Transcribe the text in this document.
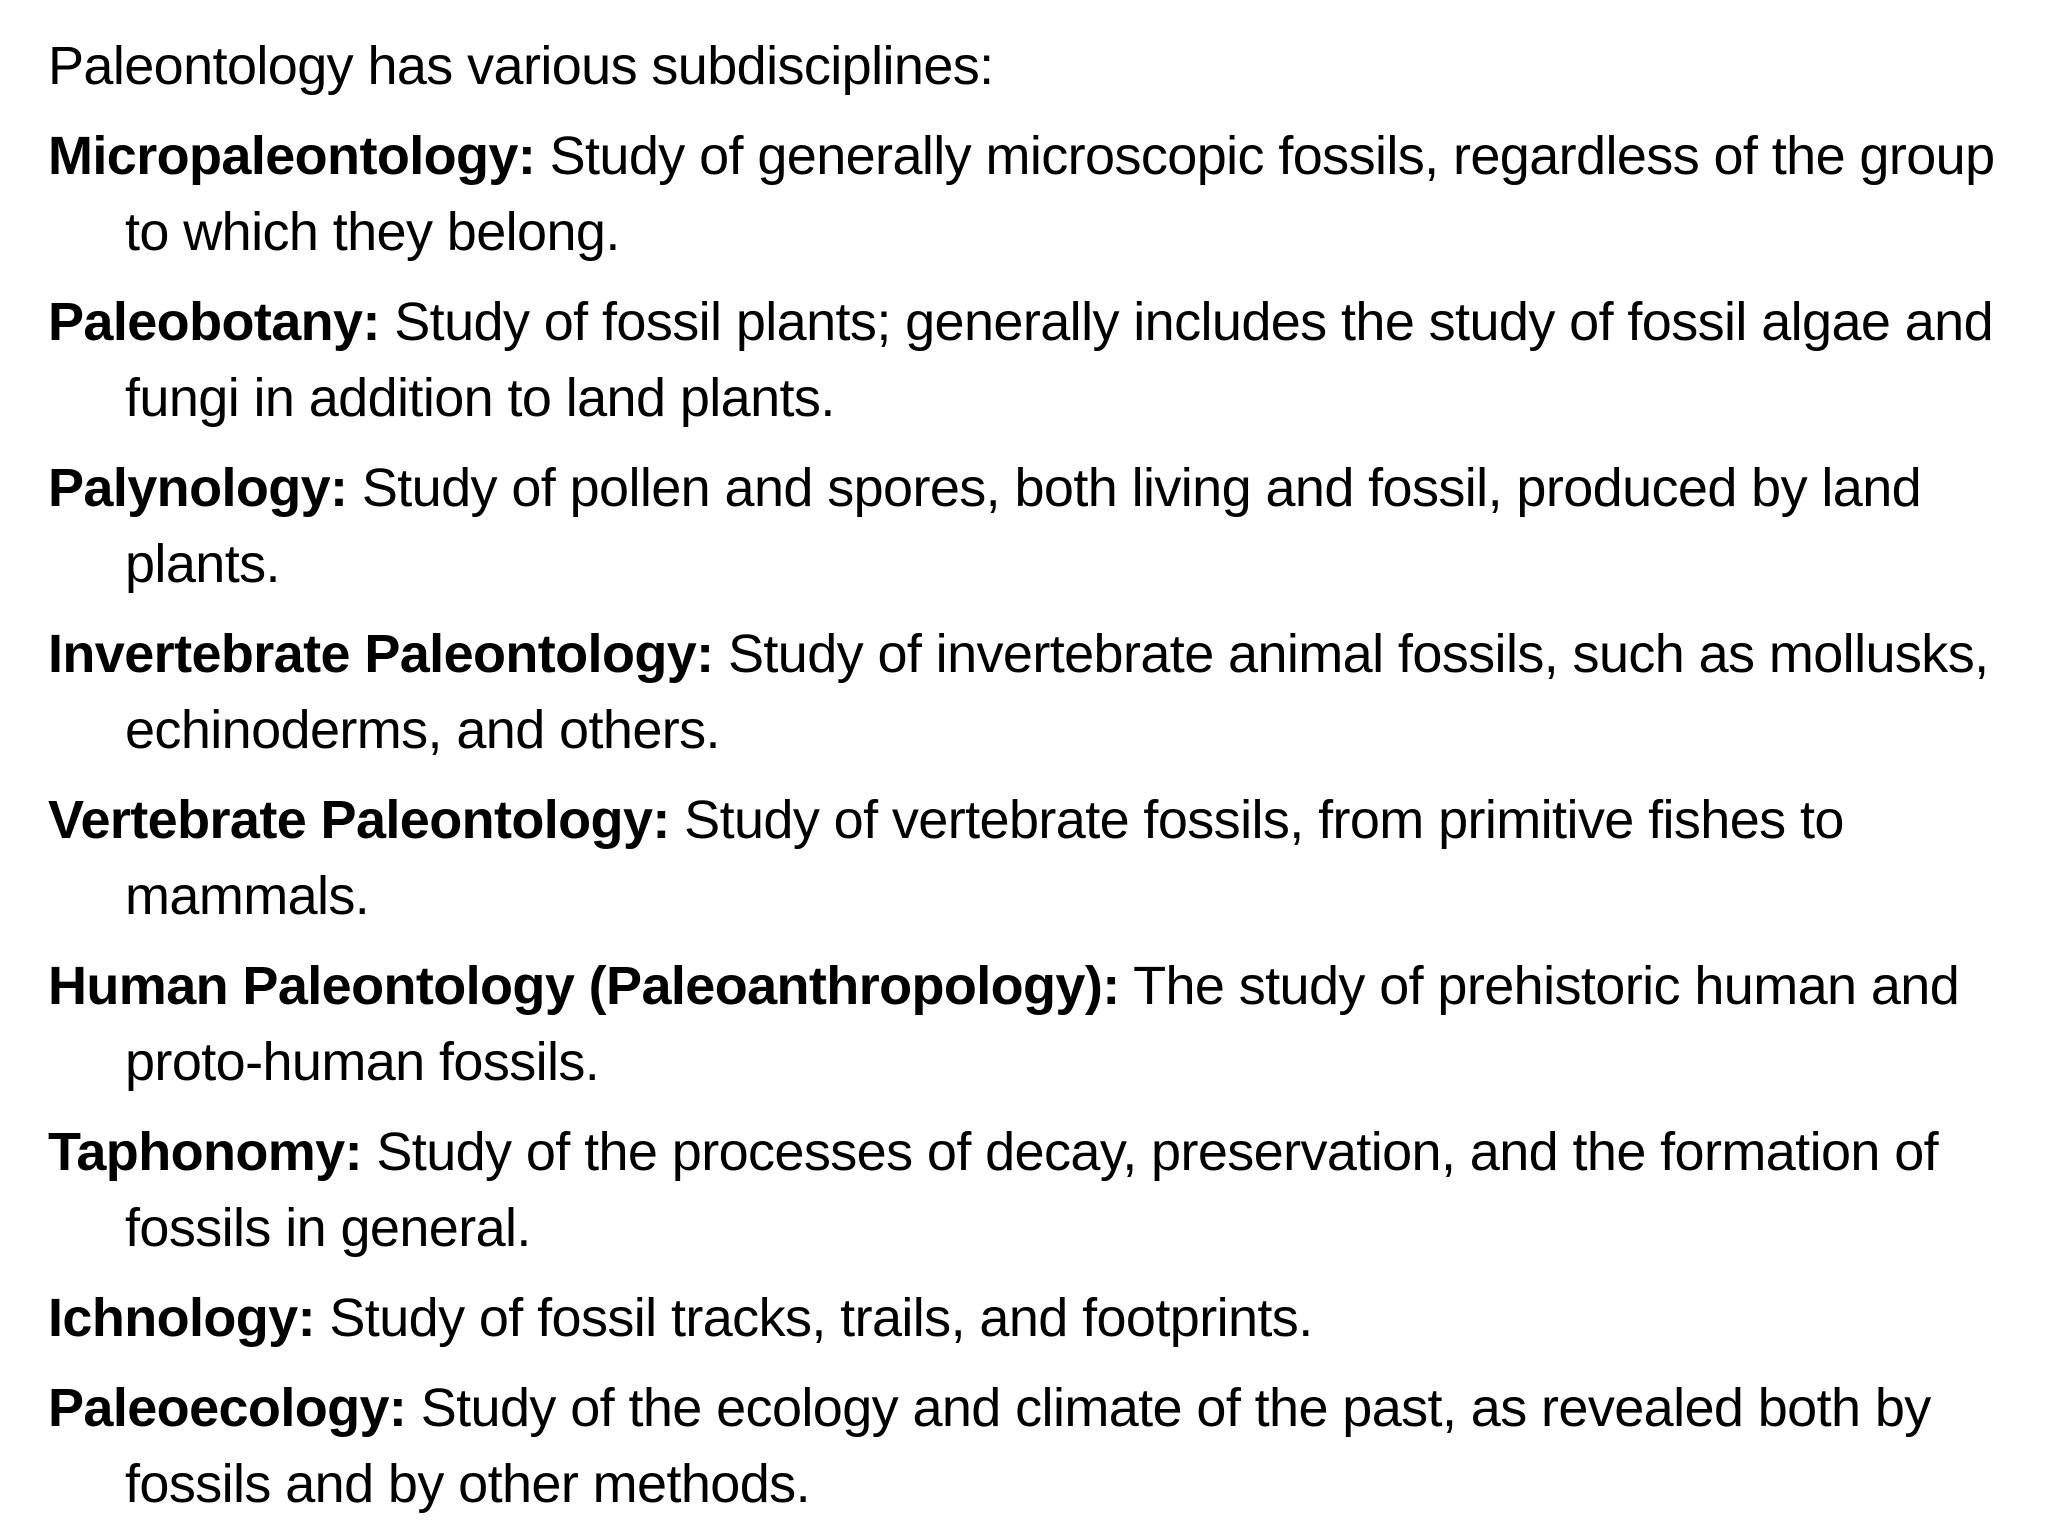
Paleontology has various subdisciplines:

Micropaleontology: Study of generally microscopic fossils, regardless of the group to which they belong.

Paleobotany: Study of fossil plants; generally includes the study of fossil algae and fungi in addition to land plants.

Palynology: Study of pollen and spores, both living and fossil, produced by land plants.

Invertebrate Paleontology: Study of invertebrate animal fossils, such as mollusks, echinoderms, and others.

Vertebrate Paleontology: Study of vertebrate fossils, from primitive fishes to mammals.

Human Paleontology (Paleoanthropology): The study of prehistoric human and proto-human fossils.

Taphonomy: Study of the processes of decay, preservation, and the formation of fossils in general.

Ichnology: Study of fossil tracks, trails, and footprints.

Paleoecology: Study of the ecology and climate of the past, as revealed both by fossils and by other methods.
